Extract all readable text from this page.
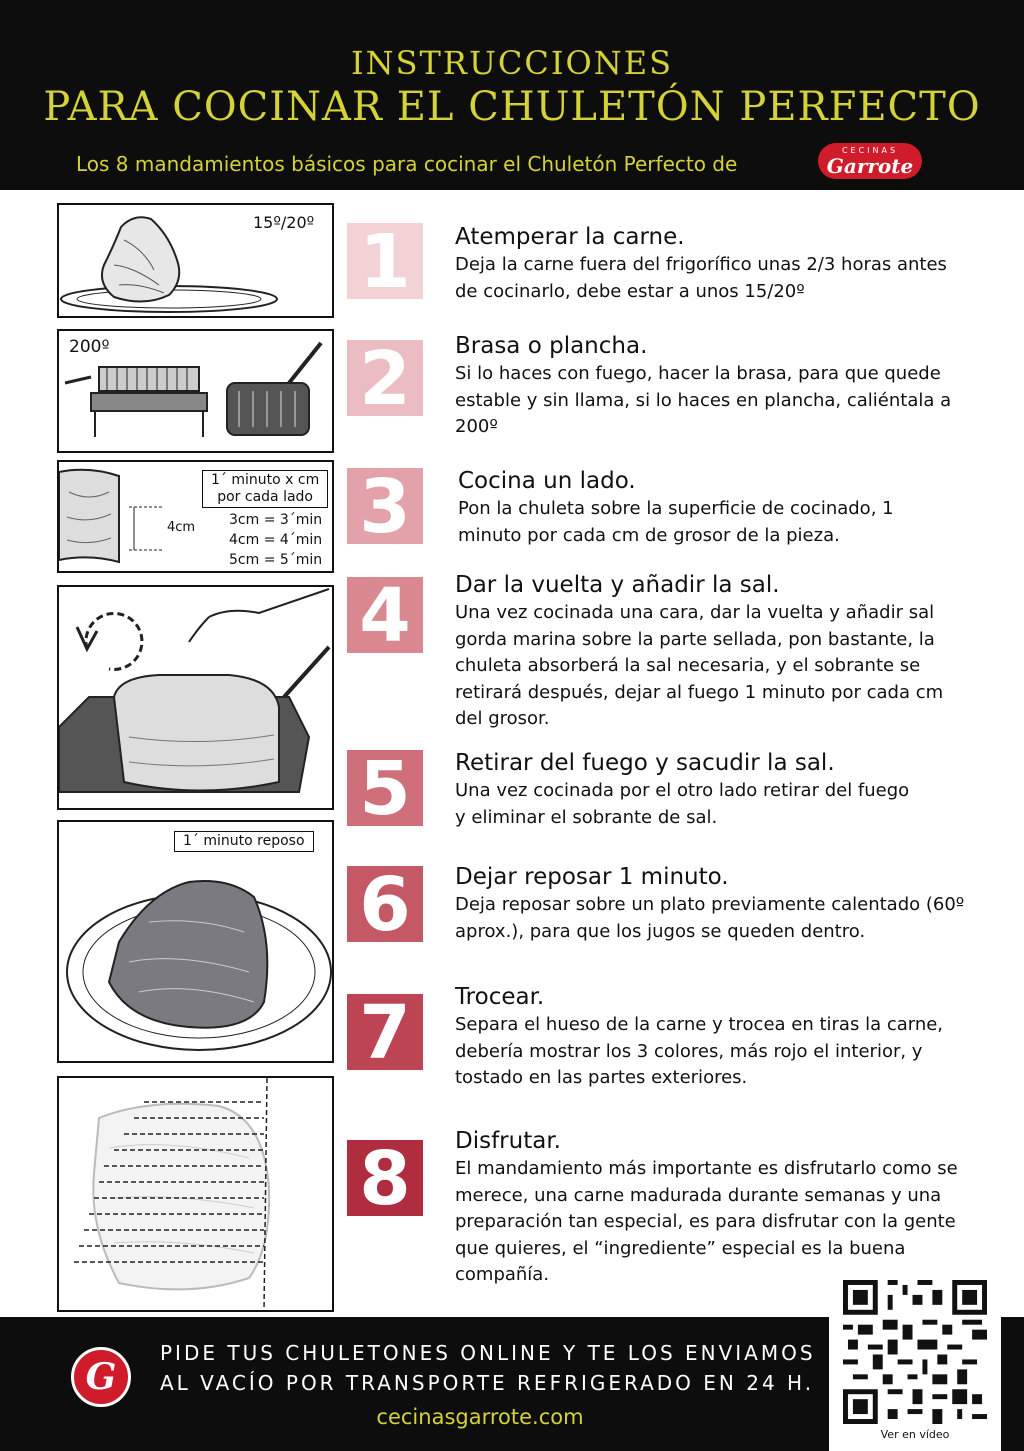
INSTRUCCIONES
PARA COCINAR EL CHULETÓN PERFECTO
Los 8 mandamientos básicos para cocinar el Chuletón Perfecto de
CECINAS
Garrote
15º/20º
200º
4cm
1´ minuto x cm
por cada lado
3cm = 3´min
4cm = 4´min
5cm = 5´min
1´ minuto reposo
1
2
3
4
5
6
7
8
Atemperar la carne.
Deja la carne fuera del frigorífico unas 2/3 horas antes de cocinarlo, debe estar a unos 15/20º
Brasa o plancha.
Si lo haces con fuego, hacer la brasa, para que quede estable y sin llama, si lo haces en plancha, caliéntala a 200º
Cocina un lado.
Pon la chuleta sobre la superficie de cocinado, 1 minuto por cada cm de grosor de la pieza.
Dar la vuelta y añadir la sal.
Una vez cocinada una cara, dar la vuelta y añadir sal gorda marina sobre la parte sellada, pon bastante, la chuleta absorberá la sal necesaria, y el sobrante se retirará después, dejar al fuego 1 minuto por cada cm del grosor.
Retirar del fuego y sacudir la sal.
Una vez cocinada por el otro lado retirar del fuego y eliminar el sobrante de sal.
Dejar reposar 1 minuto.
Deja reposar sobre un plato previamente calentado (60º aprox.), para que los jugos se queden dentro.
Trocear.
Separa el hueso de la carne y trocea en tiras la carne, debería mostrar los 3 colores, más rojo el interior, y tostado en las partes exteriores.
Disfrutar.
El mandamiento más importante es disfrutarlo como se merece, una carne madurada durante semanas y una preparación tan especial, es para disfrutar con la gente que quieres, el “ingrediente” especial es la buena compañía.
G
PIDE TUS CHULETONES ONLINE Y TE LOS ENVIAMOS
AL VACÍO POR TRANSPORTE REFRIGERADO EN 24 H.
cecinasgarrote.com
Ver en vídeo
